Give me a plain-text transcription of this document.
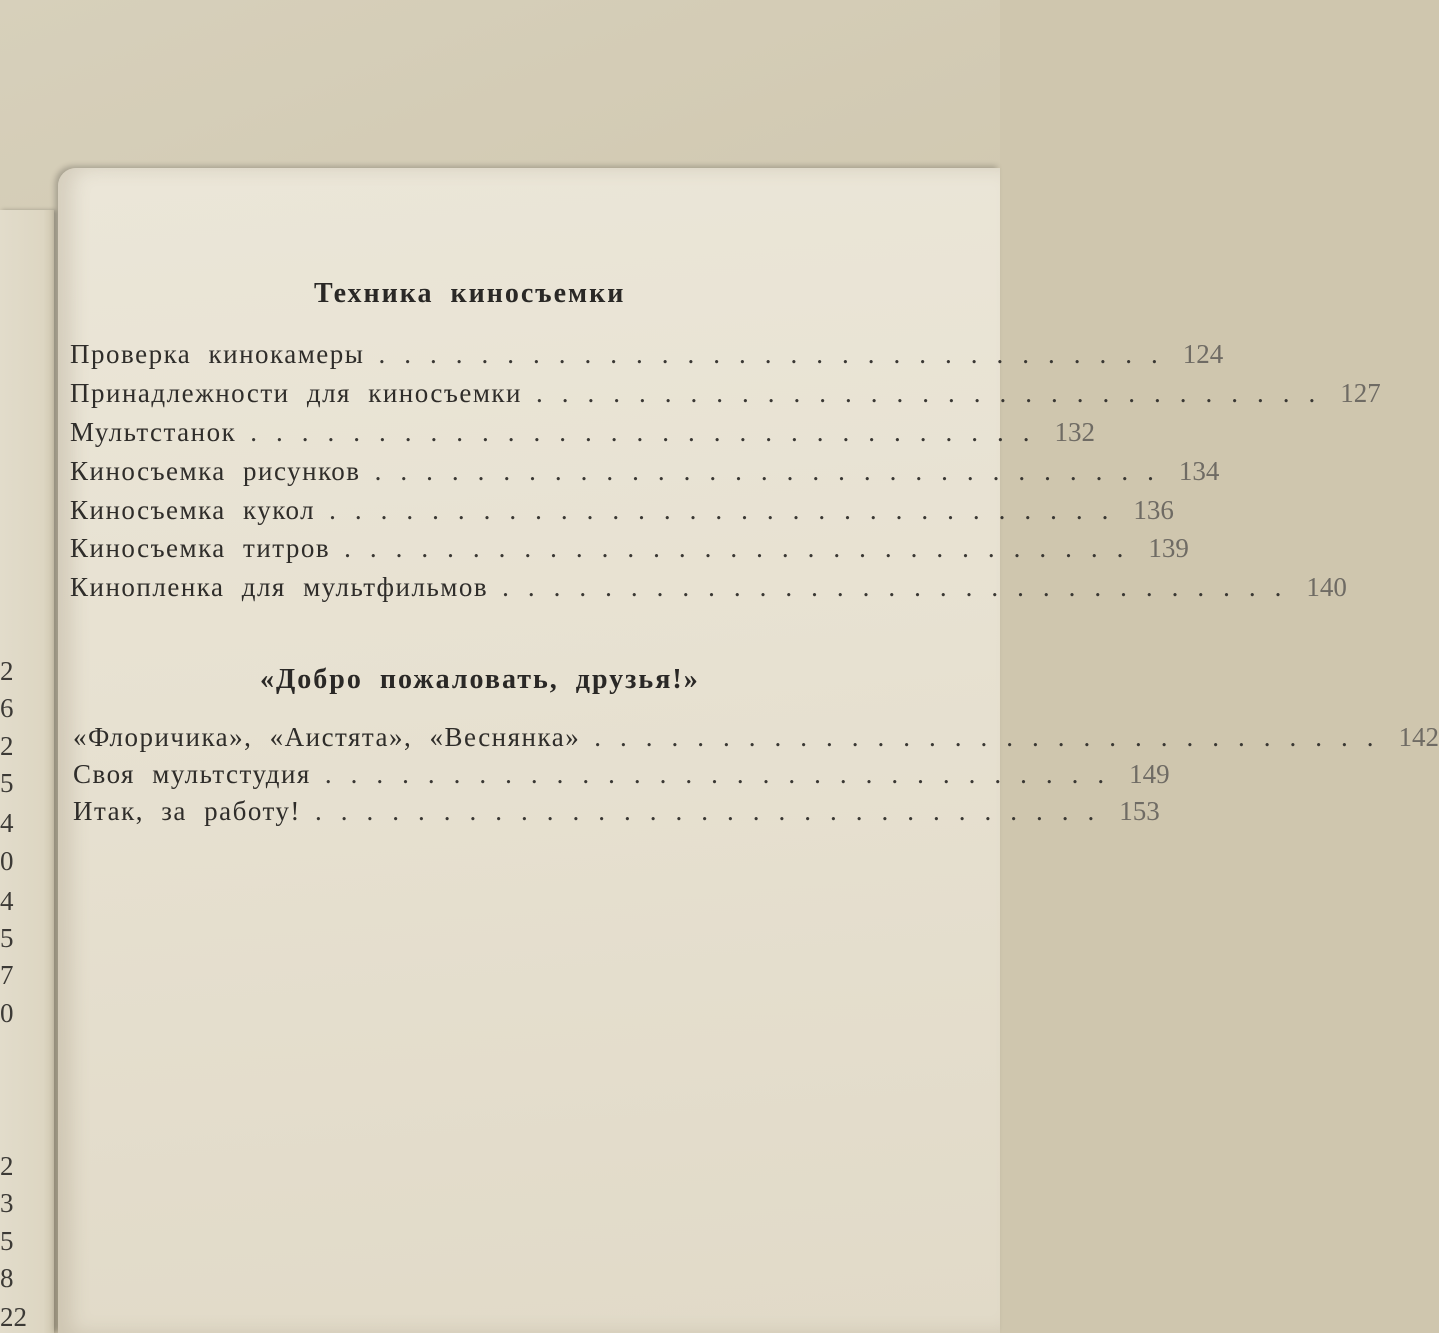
2
6
2
5
4
0
4
5
7
0
2
3
5
8
22
Техника киносъемки
Проверка кинокамеры ............................... 124
Принадлежности для киносъемки ............................... 127
Мультстанок ............................... 132
Киносъемка рисунков ............................... 134
Киносъемка кукол ............................... 136
Киносъемка титров ............................... 139
Кинопленка для мультфильмов ............................... 140
«Добро пожаловать, друзья!»
«Флоричика», «Аистята», «Веснянка» ............................... 142
Своя мультстудия ............................... 149
Итак, за работу! ............................... 153
